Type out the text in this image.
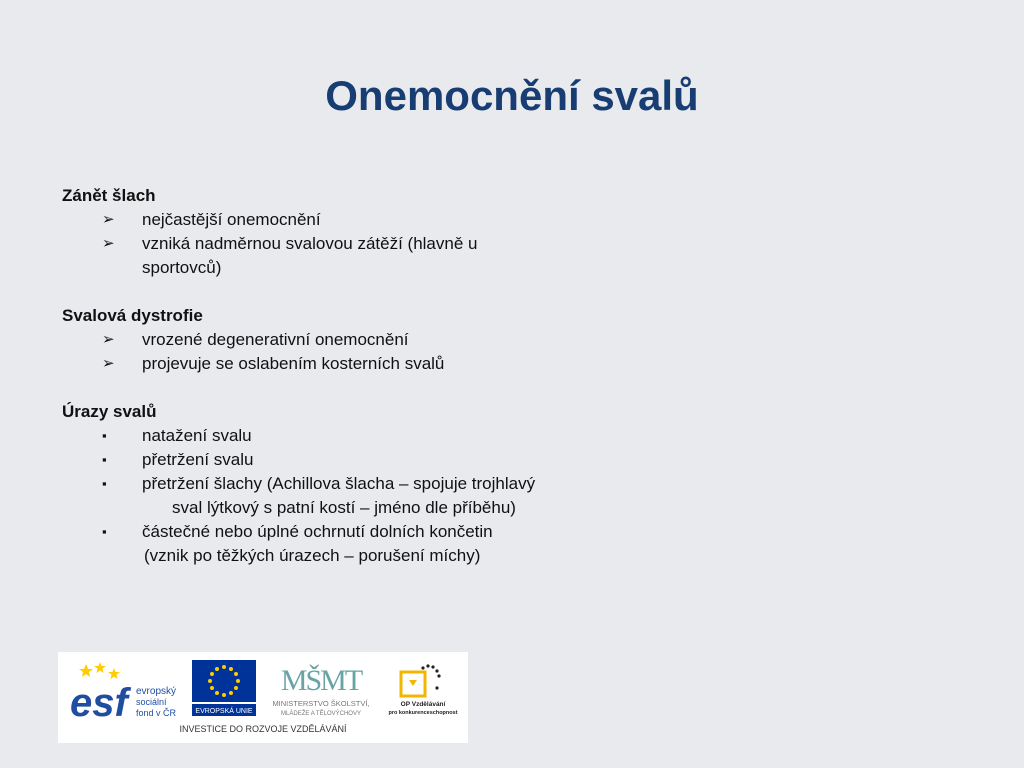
Onemocnění svalů
Zánět šlach
➢	nejčastější onemocnění
➢	vzniká nadměrnou svalovou zátěží (hlavně u
sportovců)
Svalová dystrofie
➢	vrozené degenerativní onemocnění
➢	projevuje se oslabením kosterních svalů
Úrazy svalů
▪	natažení svalu
▪	přetržení svalu
▪	přetržení šlachy (Achillova šlacha – spojuje trojhlavý
sval lýtkový s patní kostí – jméno dle příběhu)
▪	částečné nebo úplné ochrnutí dolních končetin
(vznik po těžkých úrazech – porušení míchy)
esf evropský
sociální
fond v ČR	EVROPSKÁ UNIE
MŠMT
MINISTERSTVO ŠKOLSTVÍ,
MLÁDEŽE A TĚLOVÝCHOVY
OP Vzdělávání
pro konkurenceschopnost
INVESTICE DO ROZVOJE VZDĚLÁVÁNÍ
